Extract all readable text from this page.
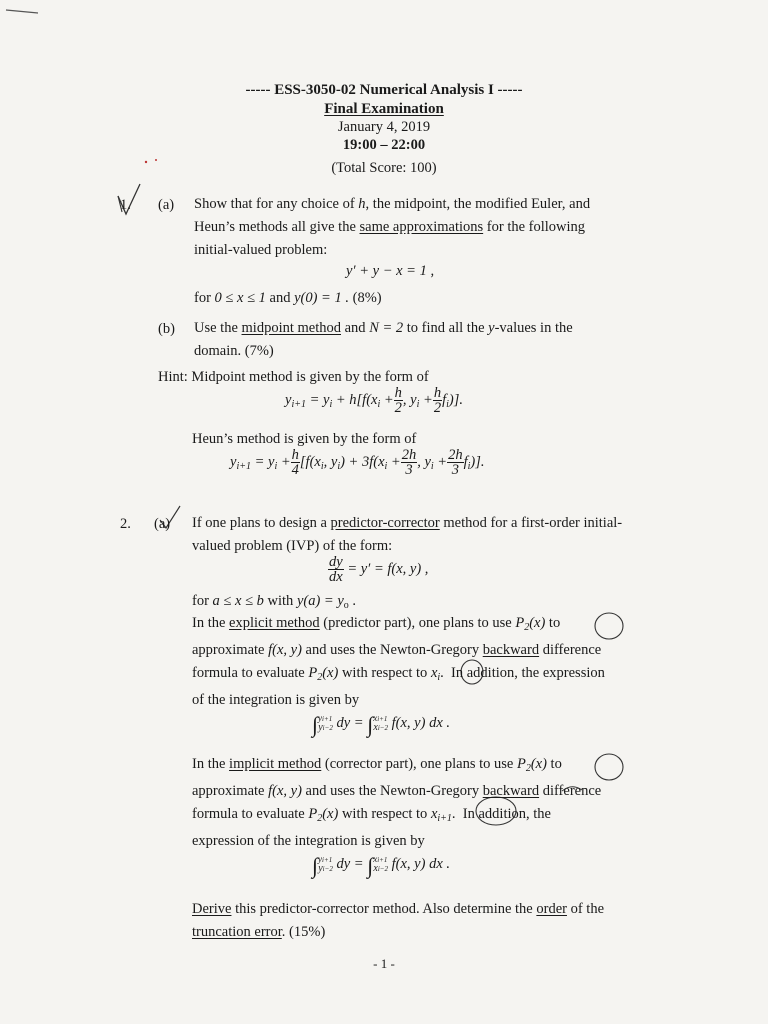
----- ESS-3050-02 Numerical Analysis I -----
Final Examination
January 4, 2019
19:00 – 22:00
(Total Score: 100)
1. (a) Show that for any choice of h, the midpoint, the modified Euler, and
Heun’s methods all give the same approximations for the following
initial-valued problem:
y′ + y − x = 1 ,
for 0 ≤ x ≤ 1 and y(0) = 1 . (8%)
(b) Use the midpoint method and N = 2 to find all the y-values in the
domain. (7%)
Hint: Midpoint method is given by the form of
$y_{i+1} = y_i + h[f(x_i + \frac{h}{2}$ , $y_i + \frac{h}{2} f_i$)].
Heun’s method is given by the form of
$y_{i+1} = y_i + \frac{h}{4} [f(x_i$, $y_i) + 3f(x_i + \frac{2h}{3}$ , $y_i + \frac{2h}{3} f_i$)].
2. (a) If one plans to design a predictor-corrector method for a first-order initial-
valued problem (IVP) of the form:
$\frac{dy}{dx} = y' = f(x$, y) ,
for a ≤ x ≤ b with $y(a) = y_o$ .
In the explicit method (predictor part), one plans to use $P_2(x)$ to
approximate f(x, y) and uses the Newton-Gregory backward difference
formula to evaluate $P_2(x)$ with respect to $x_i$.  In addition, the expression
of the integration is given by
∫$^{yi+1}_{yi-2}$ dy = ∫$^{xi+1}_{xi-2}$ f(x, y) dx .
In the implicit method (corrector part), one plans to use $P_2(x)$ to
approximate f(x, y) and uses the Newton-Gregory backward difference
formula to evaluate $P_2(x)$ with respect to $x_{i+1}$.  In addition, the
expression of the integration is given by
∫$^{yi+1}_{yi-2}$ dy = ∫$^{xi+1}_{xi-2}$ f(x, y) dx .
Derive this predictor-corrector method. Also determine the order of the
truncation error. (15%)
- 1 -
